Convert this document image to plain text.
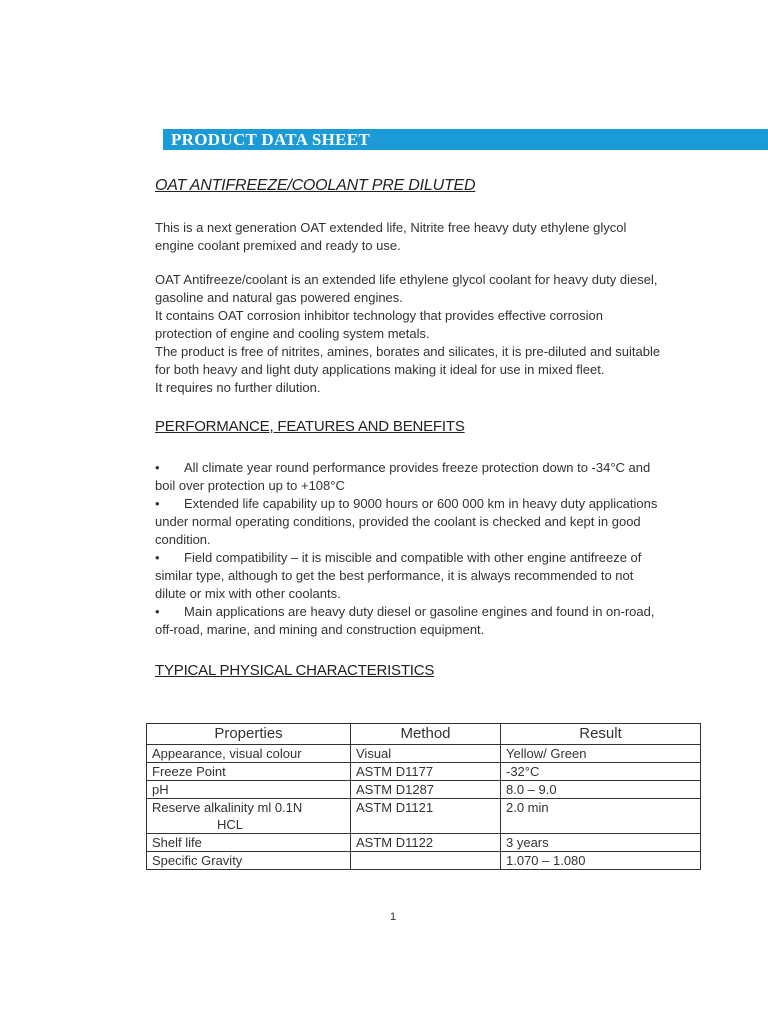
PRODUCT DATA SHEET
OAT ANTIFREEZE/COOLANT PRE DILUTED

This is a next generation OAT extended life, Nitrite free heavy duty ethylene glycol
engine coolant premixed and ready to use.

OAT Antifreeze/coolant is an extended life ethylene glycol coolant for heavy duty diesel,
gasoline and natural gas powered engines.
It contains OAT corrosion inhibitor technology that provides effective corrosion
protection of engine and cooling system metals.
The product is free of nitrites, amines, borates and silicates, it is pre-diluted and suitable
for both heavy and light duty applications making it ideal for use in mixed fleet.
It requires no further dilution.

PERFORMANCE, FEATURES AND BENEFITS
• All climate year round performance provides freeze protection down to -34°C and
boil over protection up to +108°C
• Extended life capability up to 9000 hours or 600 000 km in heavy duty applications
under normal operating conditions, provided the coolant is checked and kept in good
condition.
• Field compatibility – it is miscible and compatible with other engine antifreeze of
similar type, although to get the best performance, it is always recommended to not
dilute or mix with other coolants.
• Main applications are heavy duty diesel or gasoline engines and found in on-road,
off-road, marine, and mining and construction equipment.
TYPICAL PHYSICAL CHARACTERISTICS
Properties	Method	Result
Appearance, visual colour	Visual	Yellow/ Green
Freeze Point	ASTM D1177	-32°C
pH	ASTM D1287	8.0 – 9.0
Reserve alkalinity ml 0.1N
HCL	ASTM D1121	2.0 min
Shelf life	ASTM D1122	3 years
Specific Gravity		1.070 – 1.080
1
